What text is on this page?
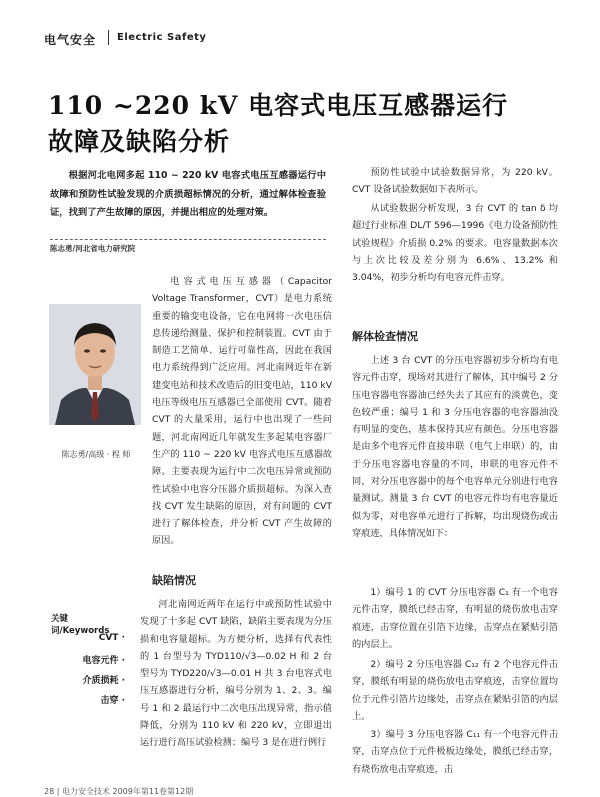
电气安全 Electric Safety
110 ~220 kV 电容式电压互感器运行
故障及缺陷分析
根据河北电网多起 110 ~ 220 kV 电容式电压互感器运行中故障和预防性试验发现的介质损超标情况的分析，通过解体检查验证，找到了产生故障的原因，并提出相应的处理对策。
陈志勇/河北省电力研究院
陈志勇/高级 · 程 师
电容式电压互感器（Capacitor Voltage Transformer，CVT）是电力系统重要的输变电设备，它在电网将一次电压信息传递给测量、保护和控制装置。CVT 由于制造工艺简单、运行可靠性高，因此在我国电力系统得到广泛应用。河北南网近年在新建变电站和技术改造后的旧变电站，110 kV电压等级电压互感器已全部使用 CVT。随着 CVT 的大量采用，运行中也出现了一些问题，河北南网近几年就发生多起某电容器厂生产的 110 ~ 220 kV 电容式电压互感器故障。主要表现为运行中二次电压异常或预防性试验中电容分压器介质损超标。为深入查找 CVT 发生缺陷的原因，对有问题的 CVT 进行了解体检查，并分析 CVT 产生故障的原因。
关键词/Keywords
CVT ·
电容元件 ·
介质损耗 ·
击穿 ·
缺陷情况
河北南网近两年在运行中或预防性试验中发现了十多起 CVT 缺陷，缺陷主要表现为分压损和电容量超标。为方便分析，选择有代表性的 1 台型号为 TYD110/√3—0.02 H 和 2 台型号为 TYD220/√3—0.01 H 共 3 台电容式电压互感器进行分析，编号分别为 1、2、3。编号 1 和 2 最运行中二次电压出现异常，指示值降低，分别为 110 kV 和 220 kV，立即退出运行进行高压试验检测；编号 3 是在进行例行
预防性试验中试验数据异常，为 220 kV。CVT 设备试验数据如下表所示。
从试验数据分析发现，3 台 CVT 的 tan δ 均超过行业标准 DL/T 596—1996《电力设备预防性试验规程》介质损 0.2% 的要求。电容量数据本次与上次比较及差分别为 6.6%、13.2% 和 3.04%，初步分析均有电容元件击穿。
解体检查情况
上述 3 台 CVT 的分压电容器初步分析均有电容元件击穿，现场对其进行了解体，其中编号 2 分压电容器电容器油已经失去了其应有的淡黄色，变色较严重；编号 1 和 3 分压电容器的电容器油没有明显的变色，基本保持其应有颜色。分压电容器是由多个电容元件直接串联（电气上串联）的，由于分压电容器电容量的不同，串联的电容元件不同，对分压电容器中的每个电容单元分别进行电容量测试。测量 3 台 CVT 的电容元件均有电容量近似为零，对电容单元进行了拆解，均出现烧伤或击穿痕迹，具体情况如下：
1）编号 1 的 CVT 分压电容器 C₁ 有一个电容元件击穿，膜纸已经击穿，有明显的烧伤放电击穿痕迹，击穿位置在引箔下边缘，击穿点在紧贴引箔的内层上。
2）编号 2 分压电容器 C₁₂ 有 2 个电容元件击穿，膜纸有明显的烧伤放电击穿痕迹，击穿位置均位于元件引箔片边缘处，击穿点在紧贴引箔的内层上。
3）编号 3 分压电容器 C₁₁ 有一个电容元件击穿，击穿点位于元件极板边缘处，膜纸已经击穿，有烧伤放电击穿痕迹，击
28 | 电力安全技术 2009年第11卷第12期
